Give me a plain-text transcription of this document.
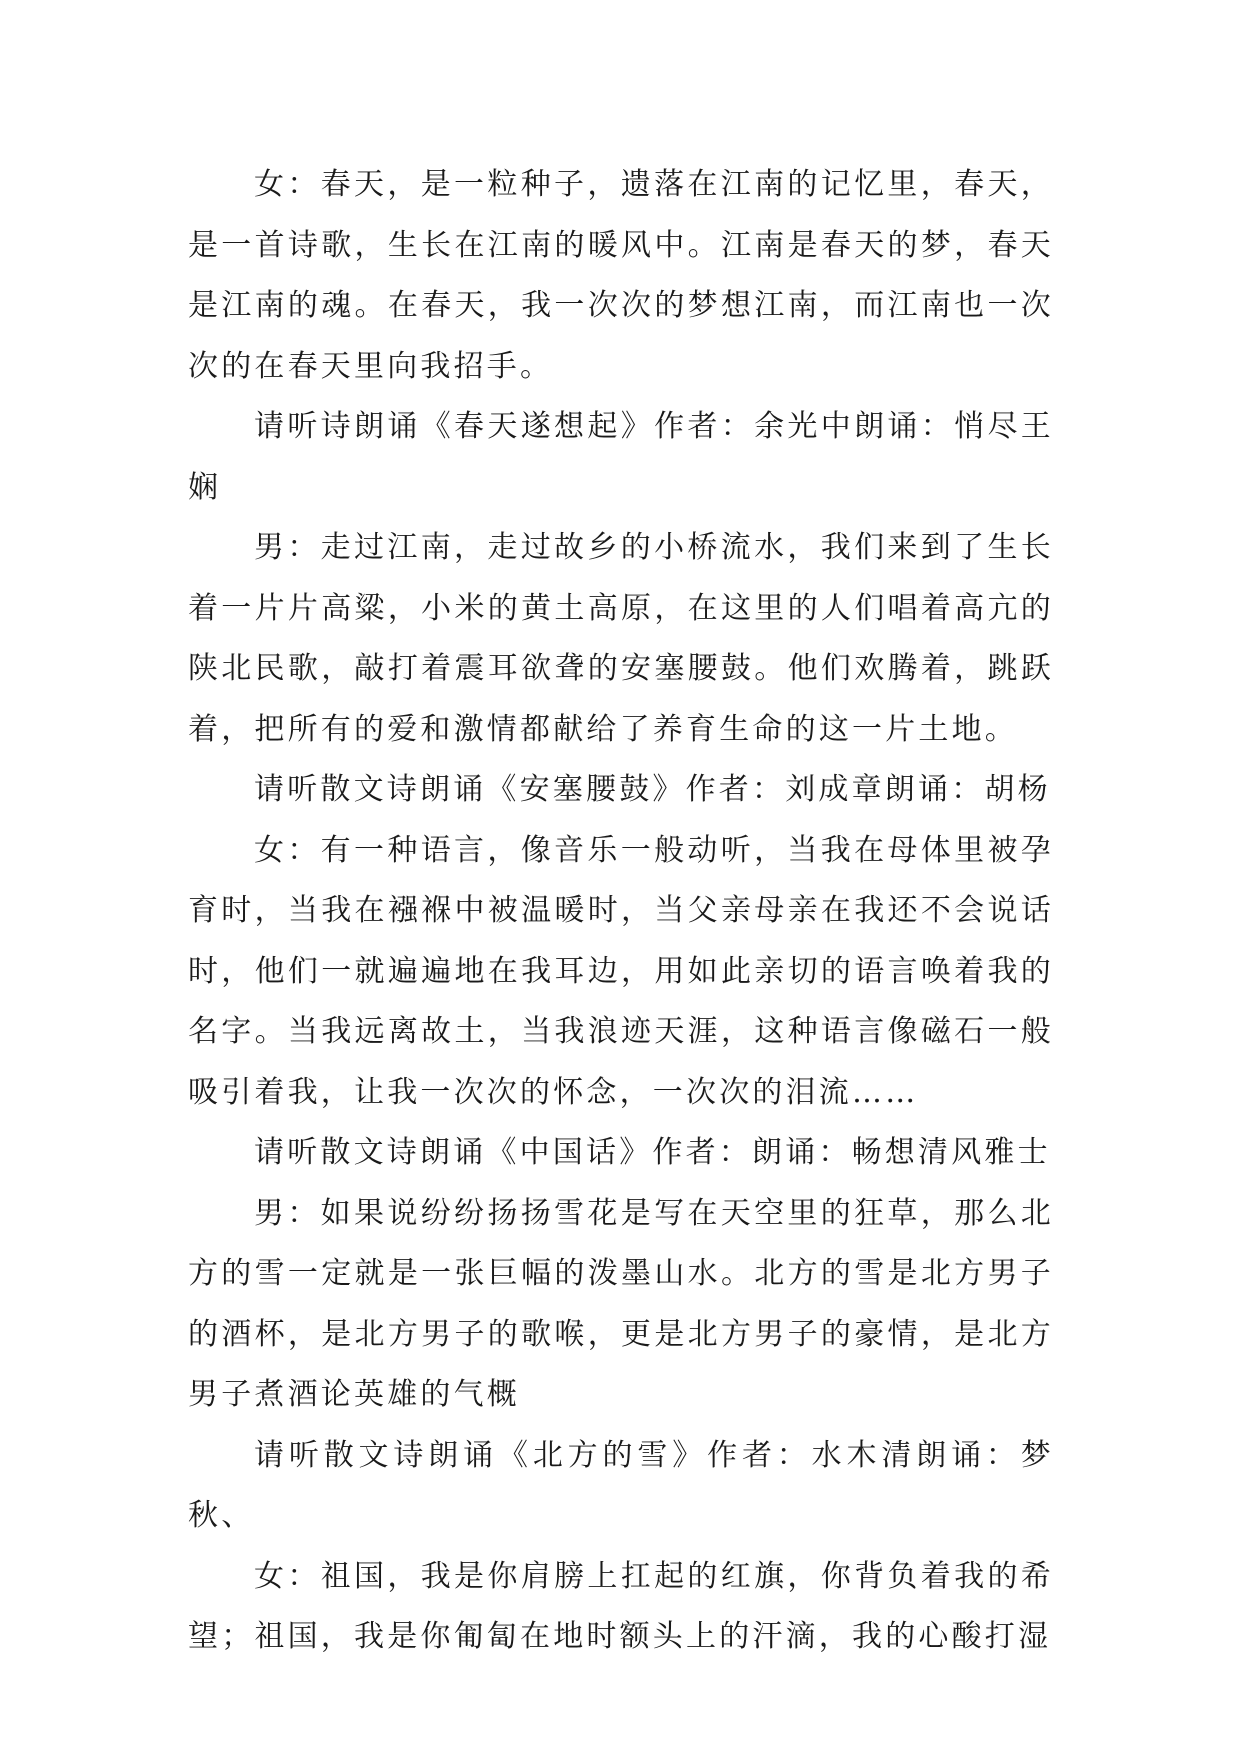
女：春天，是一粒种子，遗落在江南的记忆里，春天，是一首诗歌，生长在江南的暖风中。江南是春天的梦，春天是江南的魂。在春天，我一次次的梦想江南，而江南也一次次的在春天里向我招手。

请听诗朗诵《春天遂想起》作者：余光中朗诵：悄尽王娴

男：走过江南，走过故乡的小桥流水，我们来到了生长着一片片高粱，小米的黄土高原，在这里的人们唱着高亢的陕北民歌，敲打着震耳欲聋的安塞腰鼓。他们欢腾着，跳跃着，把所有的爱和激情都献给了养育生命的这一片土地。

请听散文诗朗诵《安塞腰鼓》作者：刘成章朗诵：胡杨

女：有一种语言，像音乐一般动听，当我在母体里被孕育时，当我在襁褓中被温暖时，当父亲母亲在我还不会说话时，他们一就遍遍地在我耳边，用如此亲切的语言唤着我的名字。当我远离故土，当我浪迹天涯，这种语言像磁石一般吸引着我，让我一次次的怀念，一次次的泪流……

请听散文诗朗诵《中国话》作者：朗诵：畅想清风雅士

男：如果说纷纷扬扬雪花是写在天空里的狂草，那么北方的雪一定就是一张巨幅的泼墨山水。北方的雪是北方男子的酒杯，是北方男子的歌喉，更是北方男子的豪情，是北方男子煮酒论英雄的气概

请听散文诗朗诵《北方的雪》作者：水木清朗诵：梦秋、

女：祖国，我是你肩膀上扛起的红旗，你背负着我的希望；祖国，我是你匍匐在地时额头上的汗滴，我的心酸打湿
